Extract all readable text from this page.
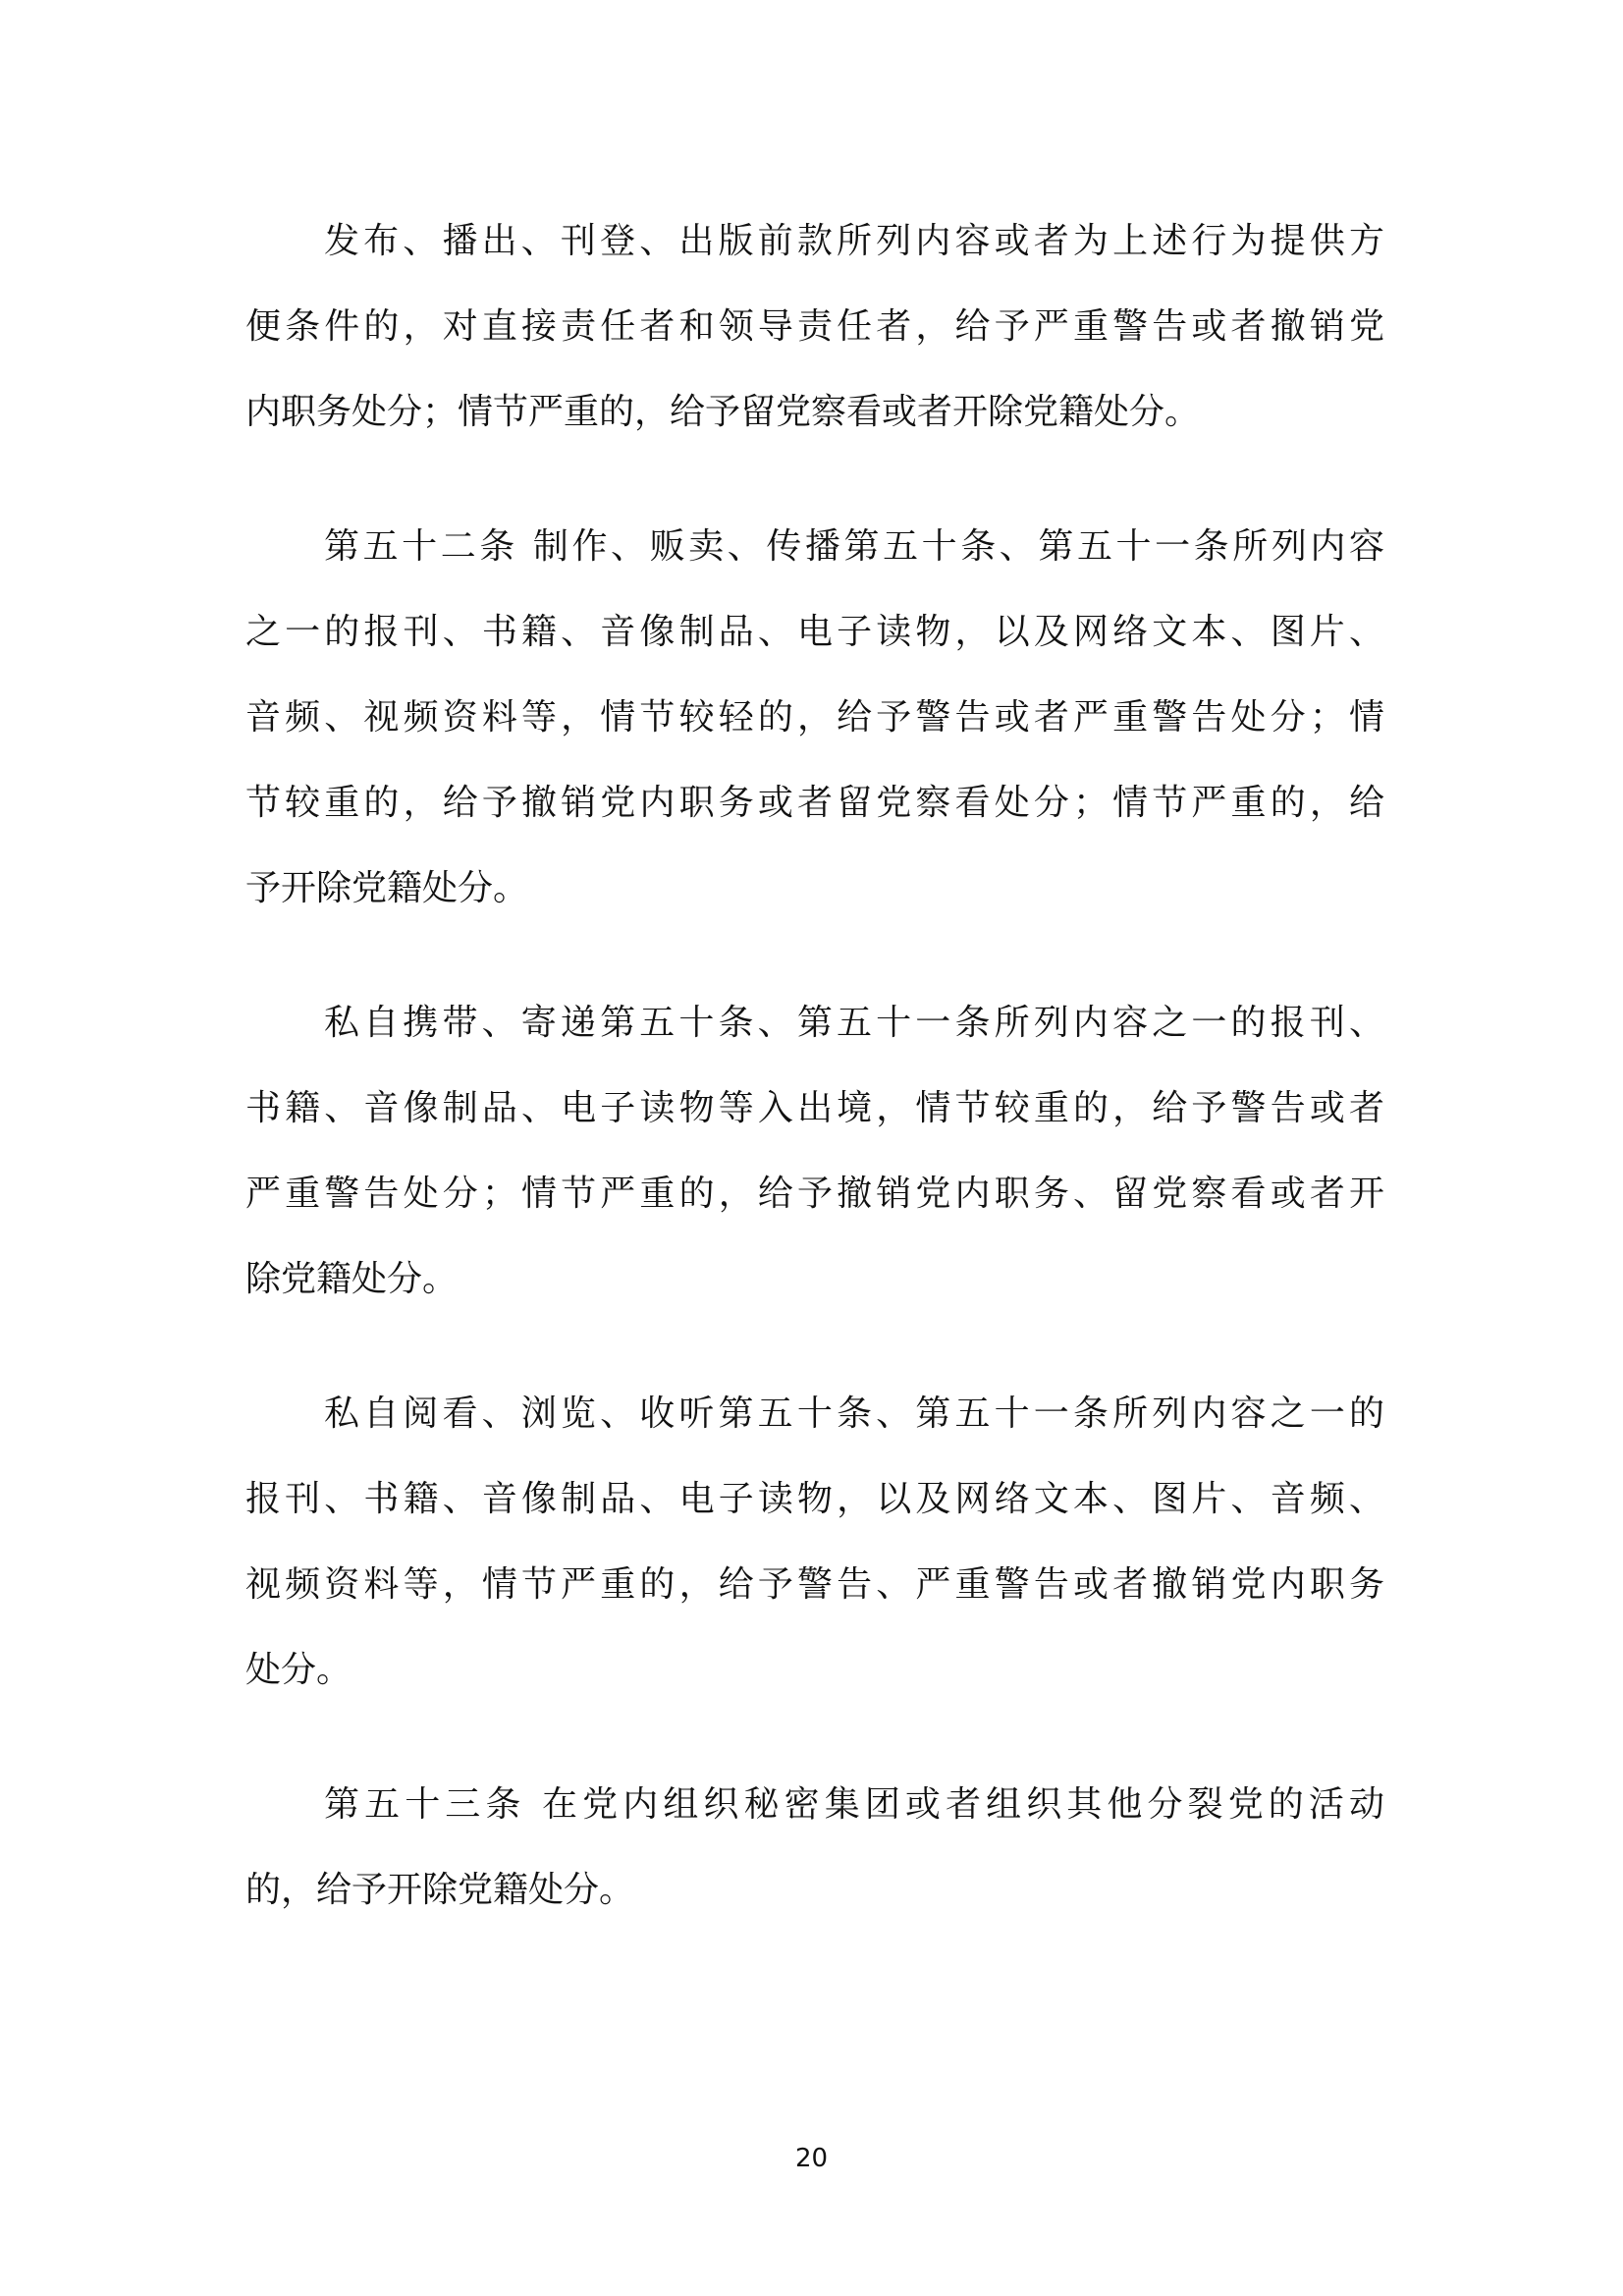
发布、播出、刊登、出版前款所列内容或者为上述行为提供方
便条件的，对直接责任者和领导责任者，给予严重警告或者撤销党
内职务处分；情节严重的，给予留党察看或者开除党籍处分。
第五十二条 制作、贩卖、传播第五十条、第五十一条所列内容
之一的报刊、书籍、音像制品、电子读物，以及网络文本、图片、
音频、视频资料等，情节较轻的，给予警告或者严重警告处分；情
节较重的，给予撤销党内职务或者留党察看处分；情节严重的，给
予开除党籍处分。
私自携带、寄递第五十条、第五十一条所列内容之一的报刊、
书籍、音像制品、电子读物等入出境，情节较重的，给予警告或者
严重警告处分；情节严重的，给予撤销党内职务、留党察看或者开
除党籍处分。
私自阅看、浏览、收听第五十条、第五十一条所列内容之一的
报刊、书籍、音像制品、电子读物，以及网络文本、图片、音频、
视频资料等，情节严重的，给予警告、严重警告或者撤销党内职务
处分。
第五十三条 在党内组织秘密集团或者组织其他分裂党的活动
的，给予开除党籍处分。
20
